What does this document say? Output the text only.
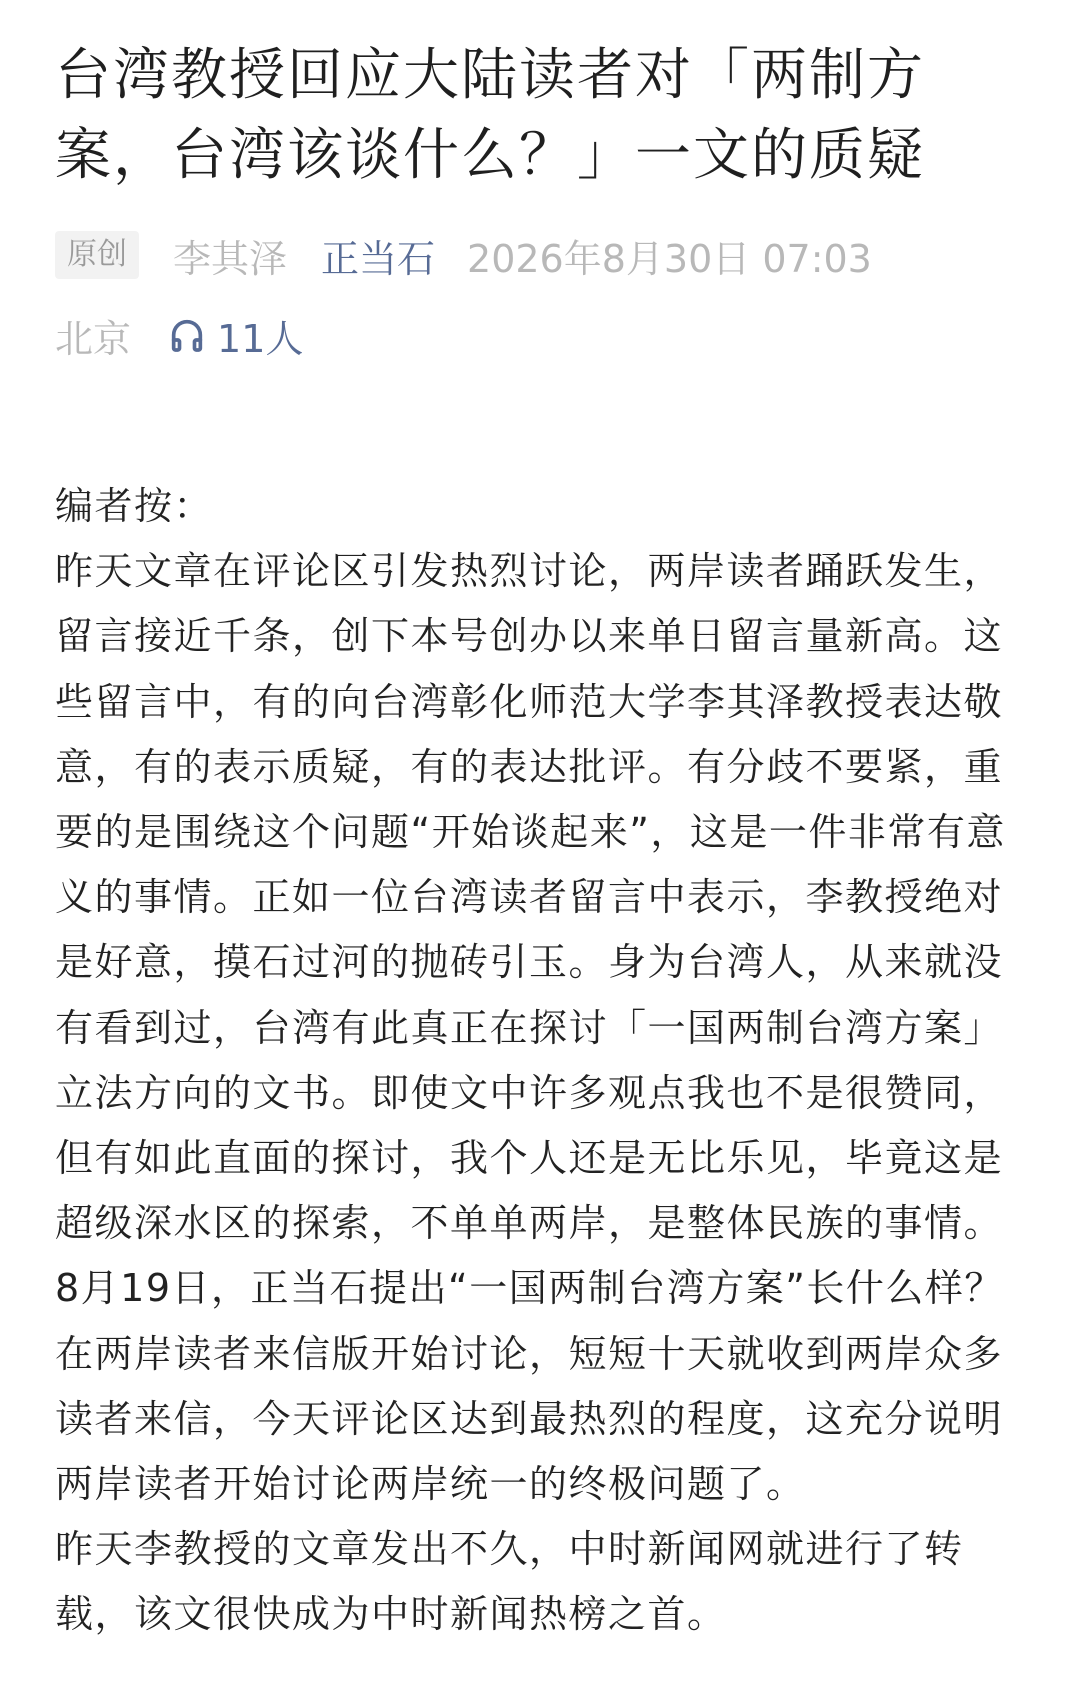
台湾教授回应大陆读者对「两制方案，台湾该谈什么？」一文的质疑
原创	李其泽 正当石 2026年8月30日 07:03
北京 11人

编者按：

昨天文章在评论区引发热烈讨论，两岸读者踊跃发生，留言接近千条，创下本号创办以来单日留言量新高。这些留言中，有的向台湾彰化师范大学李其泽教授表达敬意，有的表示质疑，有的表达批评。有分歧不要紧，重要的是围绕这个问题“开始谈起来”，这是一件非常有意义的事情。正如一位台湾读者留言中表示，李教授绝对是好意，摸石过河的抛砖引玉。身为台湾人，从来就没有看到过，台湾有此真正在探讨「一国两制台湾方案」立法方向的文书。即使文中许多观点我也不是很赞同，但有如此直面的探讨，我个人还是无比乐见，毕竟这是超级深水区的探索，不单单两岸，是整体民族的事情。

8月19日，正当石提出“一国两制台湾方案”长什么样？在两岸读者来信版开始讨论，短短十天就收到两岸众多读者来信，今天评论区达到最热烈的程度，这充分说明两岸读者开始讨论两岸统一的终极问题了。

昨天李教授的文章发出不久，中时新闻网就进行了转载，该文很快成为中时新闻热榜之首。
